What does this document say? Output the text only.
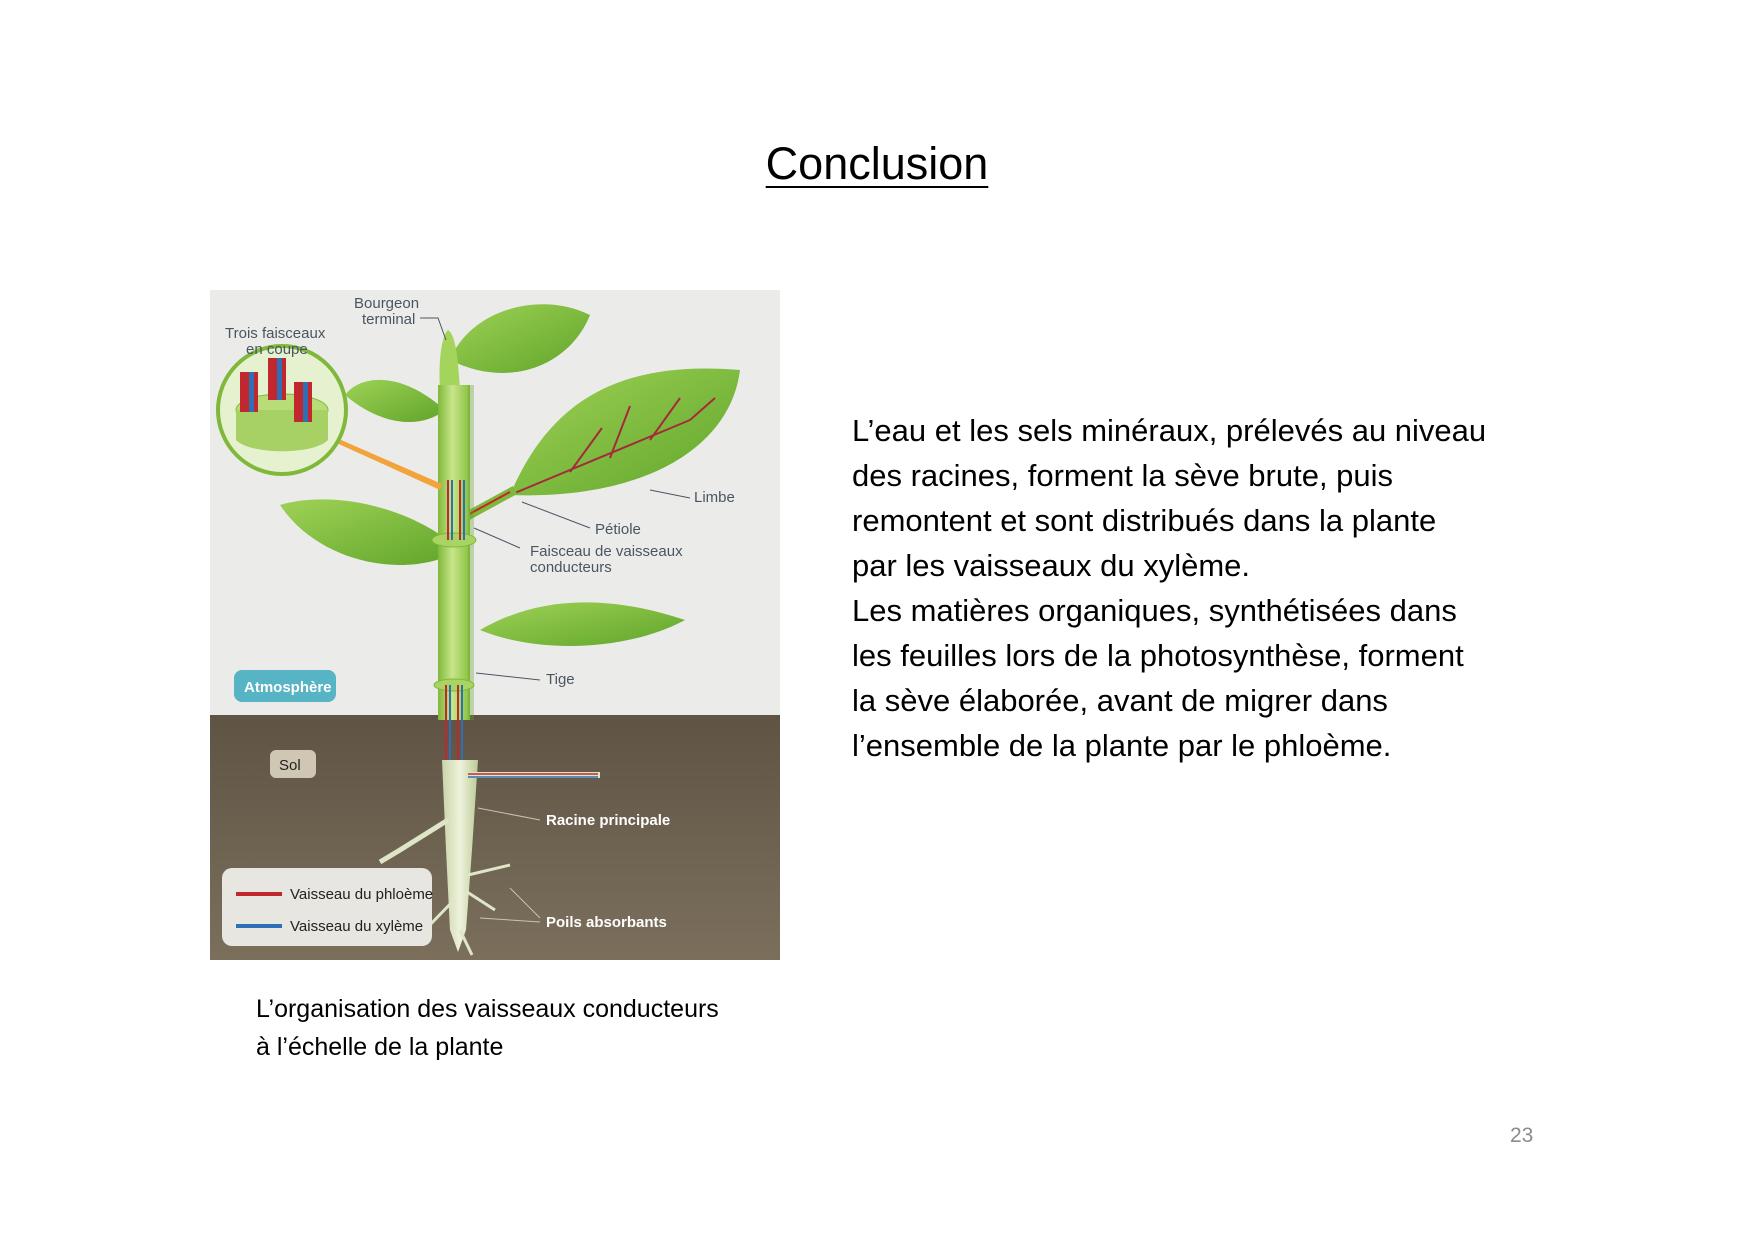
Conclusion
Bourgeon
terminal
Trois faisceaux
en coupe
Limbe
Pétiole
Faisceau de vaisseaux
conducteurs
Tige
Atmosphère
Sol
Racine principale
Poils absorbants
Vaisseau du phloème
Vaisseau du xylème
L’organisation des vaisseaux conducteurs
à l’échelle de la plante

L’eau et les sels minéraux, prélevés au niveau

des racines, forment la sève brute, puis

remontent et sont distribués dans la plante

par les vaisseaux du xylème.

Les matières organiques, synthétisées dans

les feuilles lors de la photosynthèse, forment

la sève élaborée, avant de migrer dans

l’ensemble de la plante par le phloème.

23
